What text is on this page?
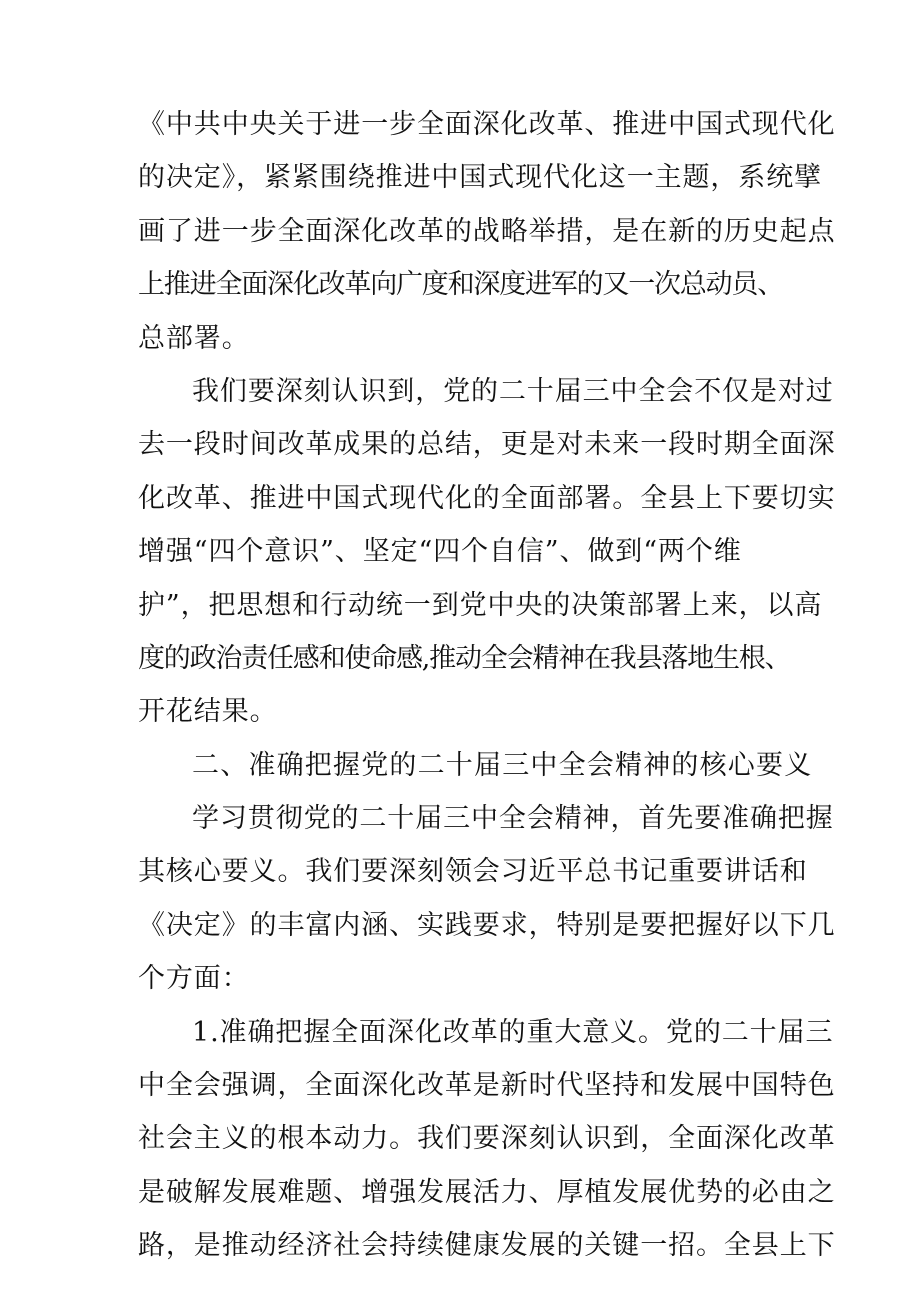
《中共中央关于进一步全面深化改革、推进中国式现代化
的决定》，紧紧围绕推进中国式现代化这一主题，系统擘
画了进一步全面深化改革的战略举措，是在新的历史起点
上推进全面深化改革向广度和深度进军的又一次总动员、
总部署。
我们要深刻认识到，党的二十届三中全会不仅是对过
去一段时间改革成果的总结，更是对未来一段时期全面深
化改革、推进中国式现代化的全面部署。全县上下要切实
增强“四个意识”、坚定“四个自信”、做到“两个维
护”，把思想和行动统一到党中央的决策部署上来，以高
度的政治责任感和使命感,推动全会精神在我县落地生根、
开花结果。
二、准确把握党的二十届三中全会精神的核心要义
学习贯彻党的二十届三中全会精神，首先要准确把握
其核心要义。我们要深刻领会习近平总书记重要讲话和
《决定》的丰富内涵、实践要求，特别是要把握好以下几
个方面：
1.准确把握全面深化改革的重大意义。党的二十届三
中全会强调，全面深化改革是新时代坚持和发展中国特色
社会主义的根本动力。我们要深刻认识到，全面深化改革
是破解发展难题、增强发展活力、厚植发展优势的必由之
路，是推动经济社会持续健康发展的关键一招。全县上下
